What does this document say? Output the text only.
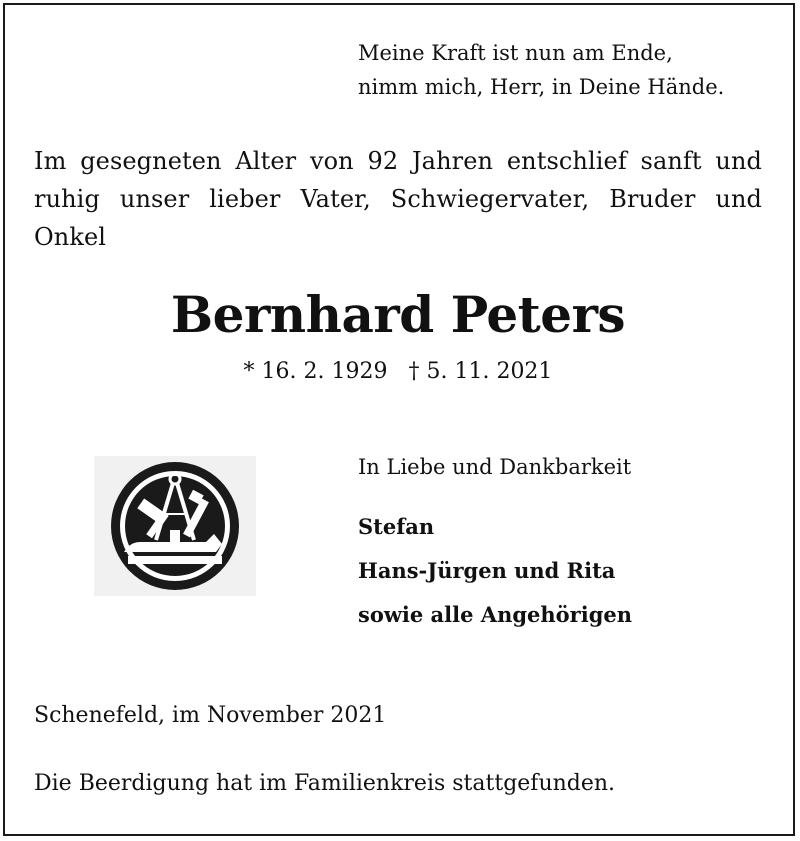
Meine Kraft ist nun am Ende,
nimm mich, Herr, in Deine Hände.
Im gesegneten Alter von 92 Jahren entschlief sanft und ruhig unser lieber Vater, Schwiegervater, Bruder und Onkel
Bernhard Peters
* 16. 2. 1929 † 5. 11. 2021
In Liebe und Dankbarkeit
Stefan
Hans-Jürgen und Rita
sowie alle Angehörigen
Schenefeld, im November 2021
Die Beerdigung hat im Familienkreis stattgefunden.
